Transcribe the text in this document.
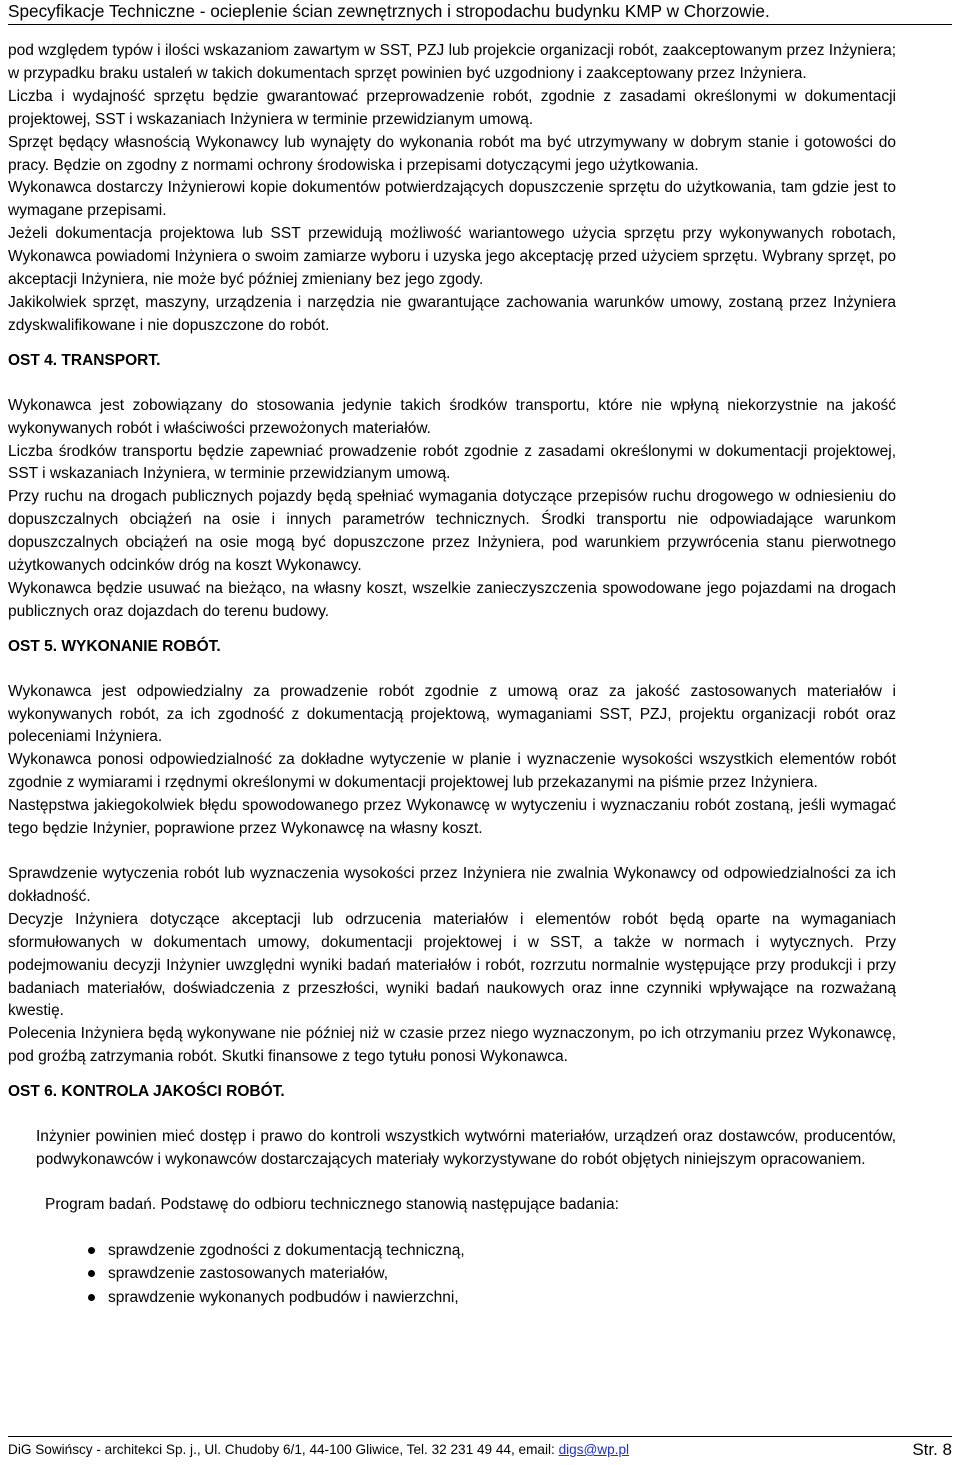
Specyfikacje Techniczne - ocieplenie ścian zewnętrznych i stropodachu budynku KMP w Chorzowie.

pod względem typów i ilości wskazaniom zawartym w SST, PZJ lub projekcie organizacji robót, zaakceptowanym przez Inżyniera; w przypadku braku ustaleń w takich dokumentach sprzęt powinien być uzgodniony i zaakceptowany przez Inżyniera.

Liczba i wydajność sprzętu będzie gwarantować przeprowadzenie robót, zgodnie z zasadami określonymi w dokumentacji projektowej, SST i wskazaniach Inżyniera w terminie przewidzianym umową.

Sprzęt będący własnością Wykonawcy lub wynajęty do wykonania robót ma być utrzymywany w dobrym stanie i gotowości do pracy. Będzie on zgodny z normami ochrony środowiska i przepisami dotyczącymi jego użytkowania.

Wykonawca dostarczy Inżynierowi kopie dokumentów potwierdzających dopuszczenie sprzętu do użytkowania, tam gdzie jest to wymagane przepisami.

Jeżeli dokumentacja projektowa lub SST przewidują możliwość wariantowego użycia sprzętu przy wykonywanych robotach, Wykonawca powiadomi Inżyniera o swoim zamiarze wyboru i uzyska jego akceptację przed użyciem sprzętu. Wybrany sprzęt, po akceptacji Inżyniera, nie może być później zmieniany bez jego zgody.

Jakikolwiek sprzęt, maszyny, urządzenia i narzędzia nie gwarantujące zachowania warunków umowy, zostaną przez Inżyniera zdyskwalifikowane i nie dopuszczone do robót.

OST 4. TRANSPORT.

Wykonawca jest zobowiązany do stosowania jedynie takich środków transportu, które nie wpłyną niekorzystnie na jakość wykonywanych robót i właściwości przewożonych materiałów.

Liczba środków transportu będzie zapewniać prowadzenie robót zgodnie z zasadami określonymi w dokumentacji projektowej, SST i wskazaniach Inżyniera, w terminie przewidzianym umową.

Przy ruchu na drogach publicznych pojazdy będą spełniać wymagania dotyczące przepisów ruchu drogowego w odniesieniu do dopuszczalnych obciążeń na osie i innych parametrów technicznych. Środki transportu nie odpowiadające warunkom dopuszczalnych obciążeń na osie mogą być dopuszczone przez Inżyniera, pod warunkiem przywrócenia stanu pierwotnego użytkowanych odcinków dróg na koszt Wykonawcy.

Wykonawca będzie usuwać na bieżąco, na własny koszt, wszelkie zanieczyszczenia spowodowane jego pojazdami na drogach publicznych oraz dojazdach do terenu budowy.

OST 5. WYKONANIE ROBÓT.

Wykonawca jest odpowiedzialny za prowadzenie robót zgodnie z umową oraz za jakość zastosowanych materiałów i wykonywanych robót, za ich zgodność z dokumentacją projektową, wymaganiami SST, PZJ, projektu organizacji robót oraz poleceniami Inżyniera.

Wykonawca ponosi odpowiedzialność za dokładne wytyczenie w planie i wyznaczenie wysokości wszystkich elementów robót zgodnie z wymiarami i rzędnymi określonymi w dokumentacji projektowej lub przekazanymi na piśmie przez Inżyniera.

Następstwa jakiegokolwiek błędu spowodowanego przez Wykonawcę w wytyczeniu i wyznaczaniu robót zostaną, jeśli wymagać tego będzie Inżynier, poprawione przez Wykonawcę na własny koszt.

Sprawdzenie wytyczenia robót lub wyznaczenia wysokości przez Inżyniera nie zwalnia Wykonawcy od odpowiedzialności za ich dokładność.

Decyzje Inżyniera dotyczące akceptacji lub odrzucenia materiałów i elementów robót będą oparte na wymaganiach sformułowanych w dokumentach umowy, dokumentacji projektowej i w SST, a także w normach i wytycznych. Przy podejmowaniu decyzji Inżynier uwzględni wyniki badań materiałów i robót, rozrzutu normalnie występujące przy produkcji i przy badaniach materiałów, doświadczenia z przeszłości, wyniki badań naukowych oraz inne czynniki wpływające na rozważaną kwestię.

Polecenia Inżyniera będą wykonywane nie później niż w czasie przez niego wyznaczonym, po ich otrzymaniu przez Wykonawcę, pod groźbą zatrzymania robót. Skutki finansowe z tego tytułu ponosi Wykonawca.

OST 6. KONTROLA JAKOŚCI ROBÓT.

Inżynier powinien mieć dostęp i prawo do kontroli wszystkich wytwórni materiałów, urządzeń oraz dostawców, producentów, podwykonawców i wykonawców dostarczających materiały wykorzystywane do robót objętych niniejszym opracowaniem.

Program badań. Podstawę do odbioru technicznego stanowią następujące badania:

sprawdzenie zgodności z dokumentacją techniczną,
sprawdzenie zastosowanych materiałów,
sprawdzenie wykonanych podbudów i nawierzchni,
DiG Sowińscy - architekci Sp. j., Ul. Chudoby 6/1, 44-100 Gliwice, Tel. 32 231 49 44, email: digs@wp.pl	Str. 8
